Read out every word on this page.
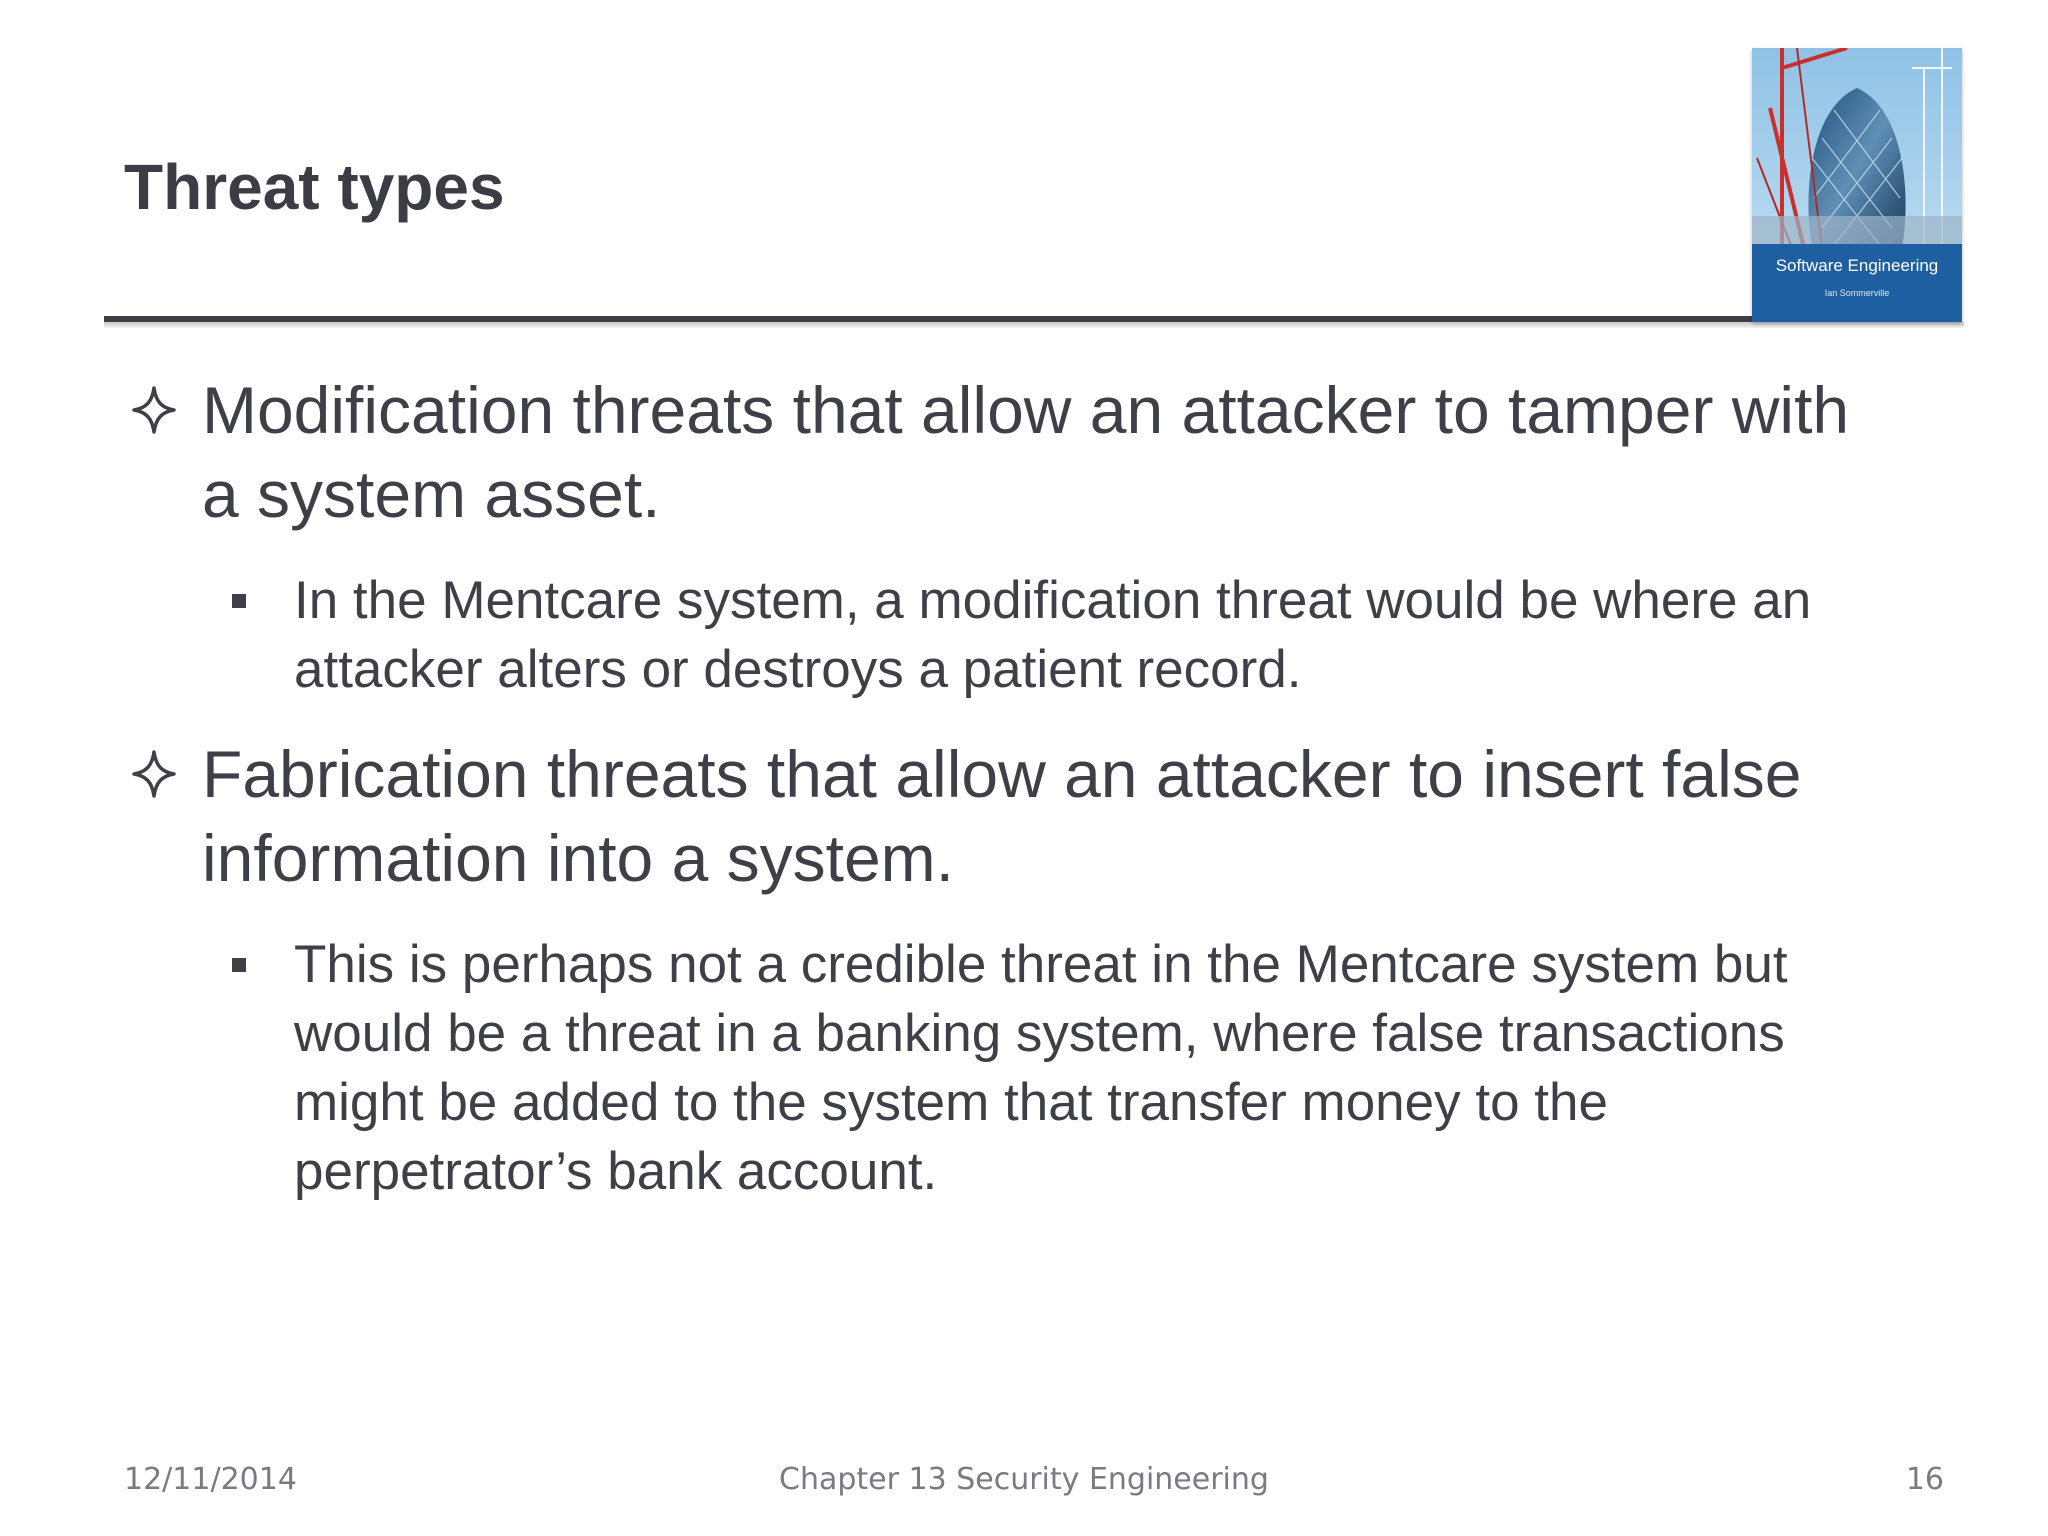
Threat types
Software Engineering
Ian Sommerville
Modification threats that allow an attacker to tamper with
a system asset.
In the Mentcare system, a modification threat would be where an
attacker alters or destroys a patient record.
Fabrication threats that allow an attacker to insert false
information into a system.
This is perhaps not a credible threat in the Mentcare system but
would be a threat in a banking system, where false transactions
might be added to the system that transfer money to the
perpetrator’s bank account.
12/11/2014	Chapter 13 Security Engineering	16
